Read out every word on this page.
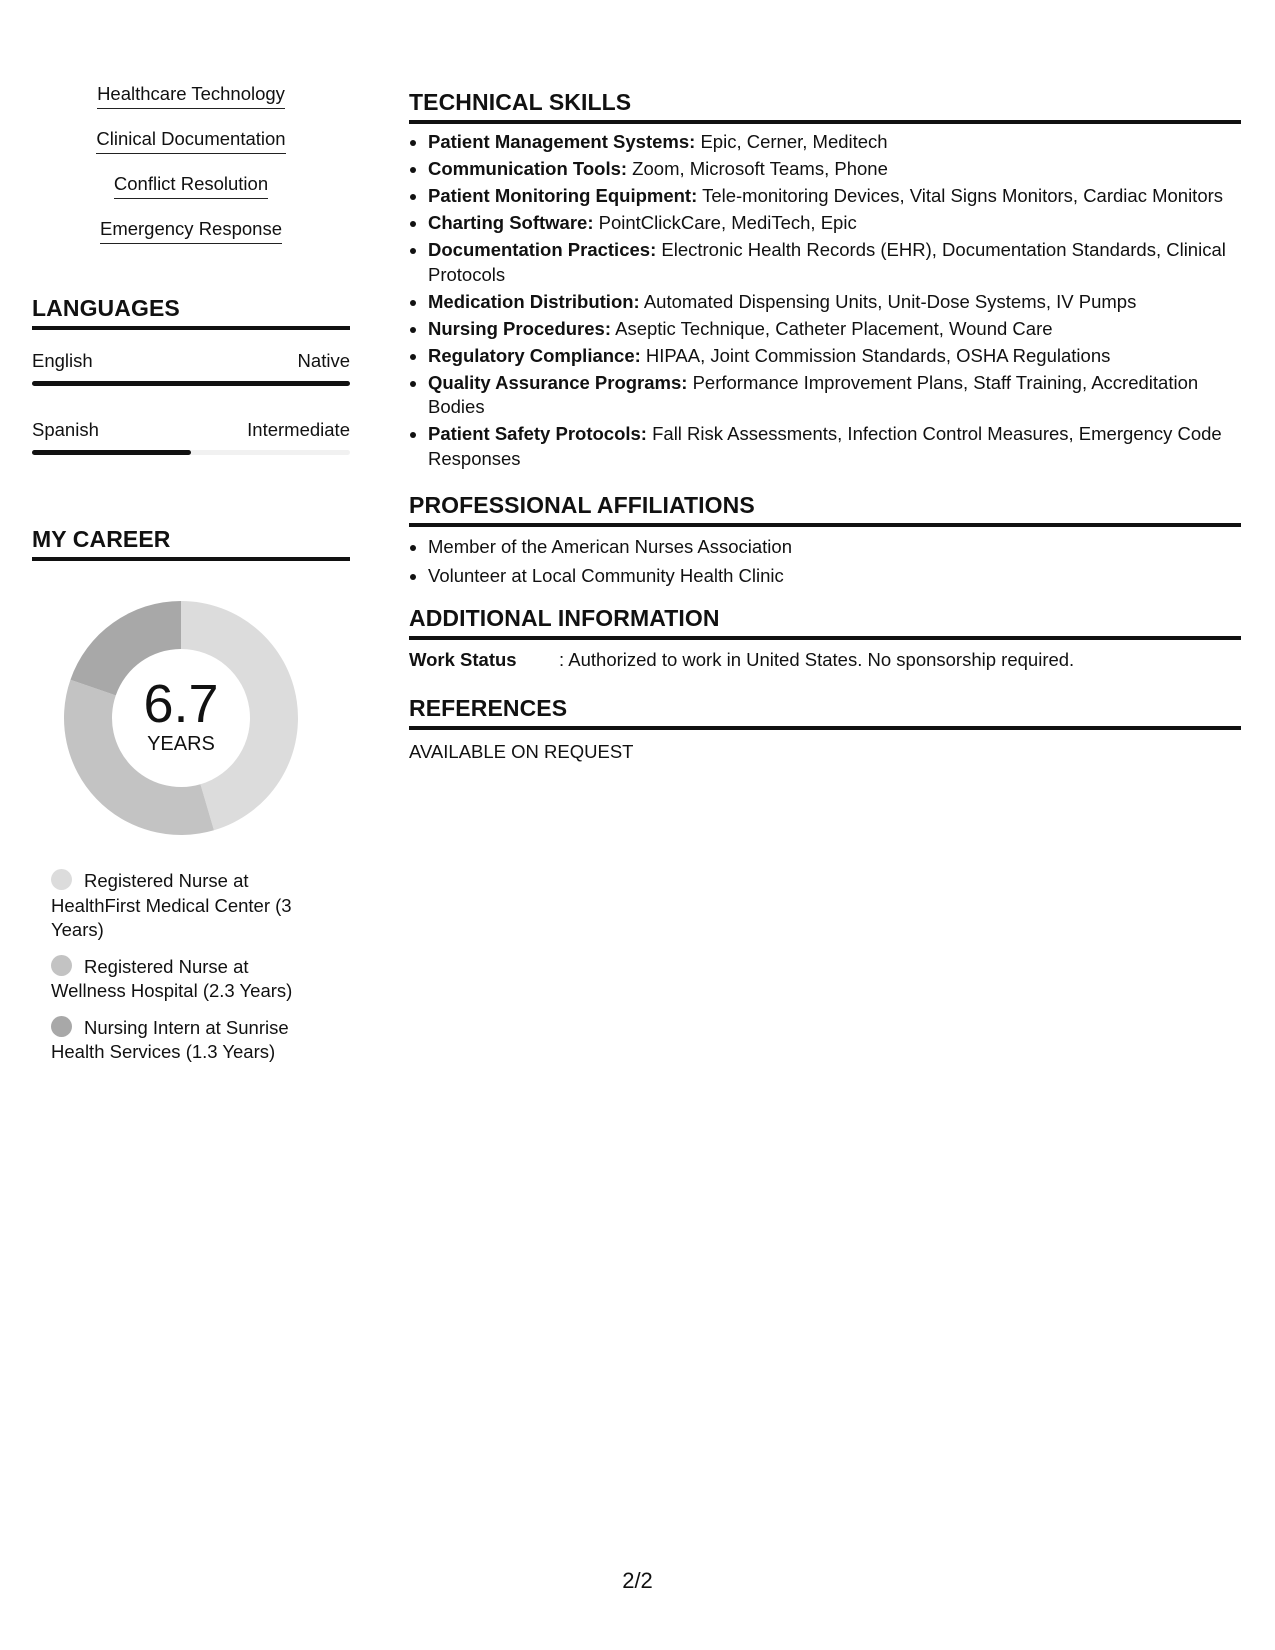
Healthcare Technology
Clinical Documentation
Conflict Resolution
Emergency Response
LANGUAGES
English	Native
Spanish	Intermediate
MY CAREER
6.7
YEARS
Registered Nurse at HealthFirst Medical Center (3 Years)
Registered Nurse at Wellness Hospital (2.3 Years)
Nursing Intern at Sunrise Health Services (1.3 Years)
TECHNICAL SKILLS
• Patient Management Systems: Epic, Cerner, Meditech
• Communication Tools: Zoom, Microsoft Teams, Phone
• Patient Monitoring Equipment: Tele-monitoring Devices, Vital Signs Monitors, Cardiac Monitors
• Charting Software: PointClickCare, MediTech, Epic
• Documentation Practices: Electronic Health Records (EHR), Documentation Standards, Clinical Protocols
• Medication Distribution: Automated Dispensing Units, Unit-Dose Systems, IV Pumps
• Nursing Procedures: Aseptic Technique, Catheter Placement, Wound Care
• Regulatory Compliance: HIPAA, Joint Commission Standards, OSHA Regulations
• Quality Assurance Programs: Performance Improvement Plans, Staff Training, Accreditation Bodies
• Patient Safety Protocols: Fall Risk Assessments, Infection Control Measures, Emergency Code Responses
PROFESSIONAL AFFILIATIONS
• Member of the American Nurses Association
• Volunteer at Local Community Health Clinic
ADDITIONAL INFORMATION
Work Status	: Authorized to work in United States. No sponsorship required.
REFERENCES
AVAILABLE ON REQUEST
2/2
